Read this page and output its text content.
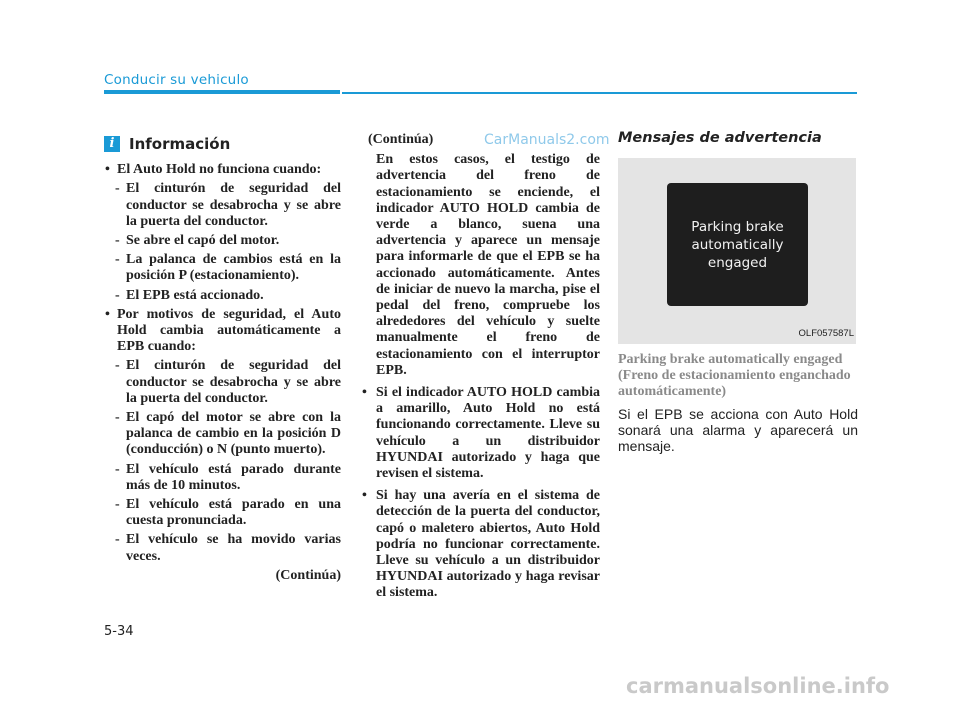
Conducir su vehiculo
i Información
• El Auto Hold no funciona cuando:
- El cinturón de seguridad del conductor se desabrocha y se abre la puerta del conductor.
- Se abre el capó del motor.
- La palanca de cambios está en la posición P (estacionamiento).
- El EPB está accionado.
• Por motivos de seguridad, el Auto Hold cambia automáticamente a EPB cuando:
- El cinturón de seguridad del conductor se desabrocha y se abre la puerta del conductor.
- El capó del motor se abre con la palanca de cambio en la posición D (conducción) o N (punto muerto).
- El vehículo está parado durante más de 10 minutos.
- El vehículo está parado en una cuesta pronunciada.
- El vehículo se ha movido varias veces.
(Continúa)
CarManuals2.com
(Continúa)

En estos casos, el testigo de advertencia del freno de estacionamiento se enciende, el indicador AUTO HOLD cambia de verde a blanco, suena una advertencia y aparece un mensaje para informarle de que el EPB se ha accionado automáticamente. Antes de iniciar de nuevo la marcha, pise el pedal del freno, compruebe los alrededores del vehículo y suelte manualmente el freno de estacionamiento con el interruptor EPB.

• Si el indicador AUTO HOLD cambia a amarillo, Auto Hold no está funcionando correctamente. Lleve su vehículo a un distribuidor HYUNDAI autorizado y haga que revisen el sistema.
• Si hay una avería en el sistema de detección de la puerta del conductor, capó o maletero abiertos, Auto Hold podría no funcionar correctamente. Lleve su vehículo a un distribuidor HYUNDAI autorizado y haga revisar el sistema.
Mensajes de advertencia
Parking brake
automatically
engaged
OLF057587L
Parking brake automatically engaged (Freno de estacionamiento enganchado automáticamente)
Si el EPB se acciona con Auto Hold sonará una alarma y aparecerá un mensaje.
5-34
carmanualsonline.info
